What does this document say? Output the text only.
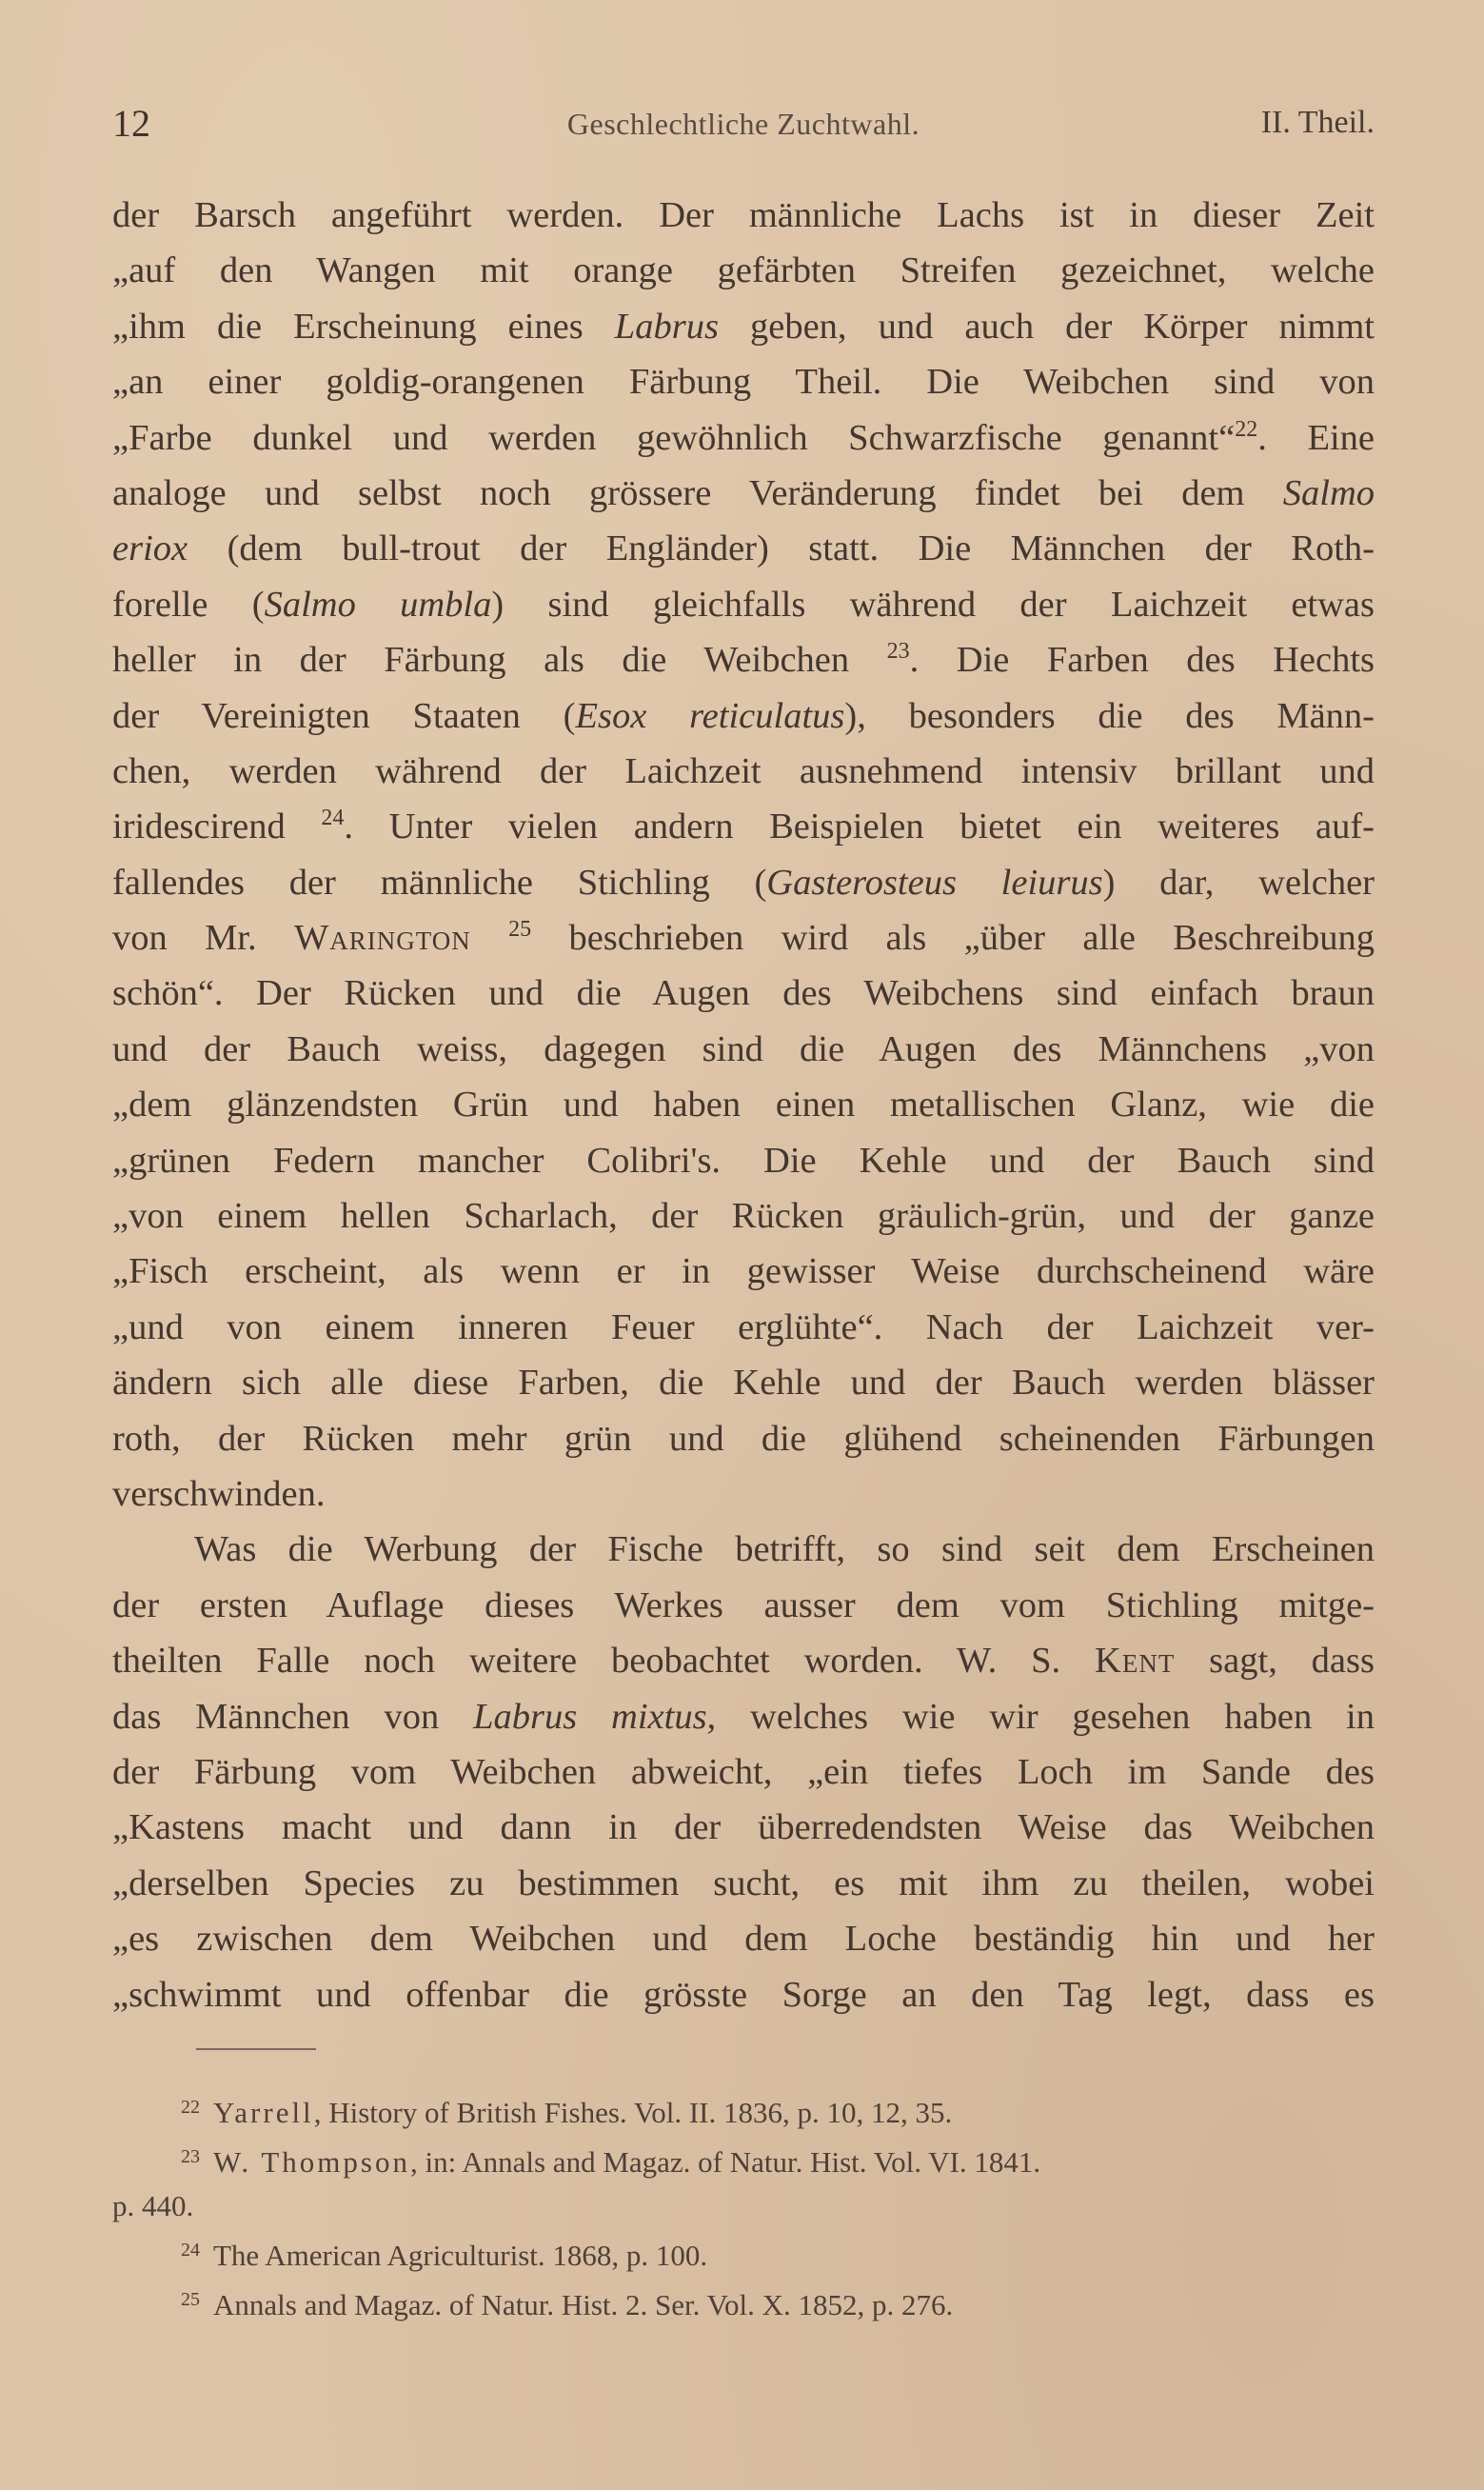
12	Geschlechtliche Zuchtwahl.	II. Theil.
der Barsch angeführt werden. Der männliche Lachs ist in dieser Zeit
„auf den Wangen mit orange gefärbten Streifen gezeichnet, welche
„ihm die Erscheinung eines Labrus geben, und auch der Körper nimmt
„an einer goldig-orangenen Färbung Theil. Die Weibchen sind von
„Farbe dunkel und werden gewöhnlich Schwarzfische genannt“$^{22}$. Eine
analoge und selbst noch grössere Veränderung findet bei dem Salmo
eriox (dem bull-trout der Engländer) statt. Die Männchen der Roth-
forelle (Salmo umbla) sind gleichfalls während der Laichzeit etwas
heller in der Färbung als die Weibchen $^{23}$. Die Farben des Hechts
der Vereinigten Staaten (Esox reticulatus), besonders die des Männ-
chen, werden während der Laichzeit ausnehmend intensiv brillant und
iridescirend $^{24}$. Unter vielen andern Beispielen bietet ein weiteres auf-
fallendes der männliche Stichling (Gasterosteus leiurus) dar, welcher
von Mr. Warington $^{25}$ beschrieben wird als „über alle Beschreibung
schön“. Der Rücken und die Augen des Weibchens sind einfach braun
und der Bauch weiss, dagegen sind die Augen des Männchens „von
„dem glänzendsten Grün und haben einen metallischen Glanz, wie die
„grünen Federn mancher Colibri's. Die Kehle und der Bauch sind
„von einem hellen Scharlach, der Rücken gräulich-grün, und der ganze
„Fisch erscheint, als wenn er in gewisser Weise durchscheinend wäre
„und von einem inneren Feuer erglühte“. Nach der Laichzeit ver-
ändern sich alle diese Farben, die Kehle und der Bauch werden blässer
roth, der Rücken mehr grün und die glühend scheinenden Färbungen
verschwinden.
Was die Werbung der Fische betrifft, so sind seit dem Erscheinen
der ersten Auflage dieses Werkes ausser dem vom Stichling mitge-
theilten Falle noch weitere beobachtet worden. W. S. Kent sagt, dass
das Männchen von Labrus mixtus, welches wie wir gesehen haben in
der Färbung vom Weibchen abweicht, „ein tiefes Loch im Sande des
„Kastens macht und dann in der überredendsten Weise das Weibchen
„derselben Species zu bestimmen sucht, es mit ihm zu theilen, wobei
„es zwischen dem Weibchen und dem Loche beständig hin und her
„schwimmt und offenbar die grösste Sorge an den Tag legt, dass es
$^{22}$ Yarrell, History of British Fishes. Vol. II. 1836, p. 10, 12, 35.
$^{23}$ W. Thompson, in: Annals and Magaz. of Natur. Hist. Vol. VI. 1841.
p. 440.
$^{24}$ The American Agriculturist. 1868, p. 100.
$^{25}$ Annals and Magaz. of Natur. Hist. 2. Ser. Vol. X. 1852, p. 276.
